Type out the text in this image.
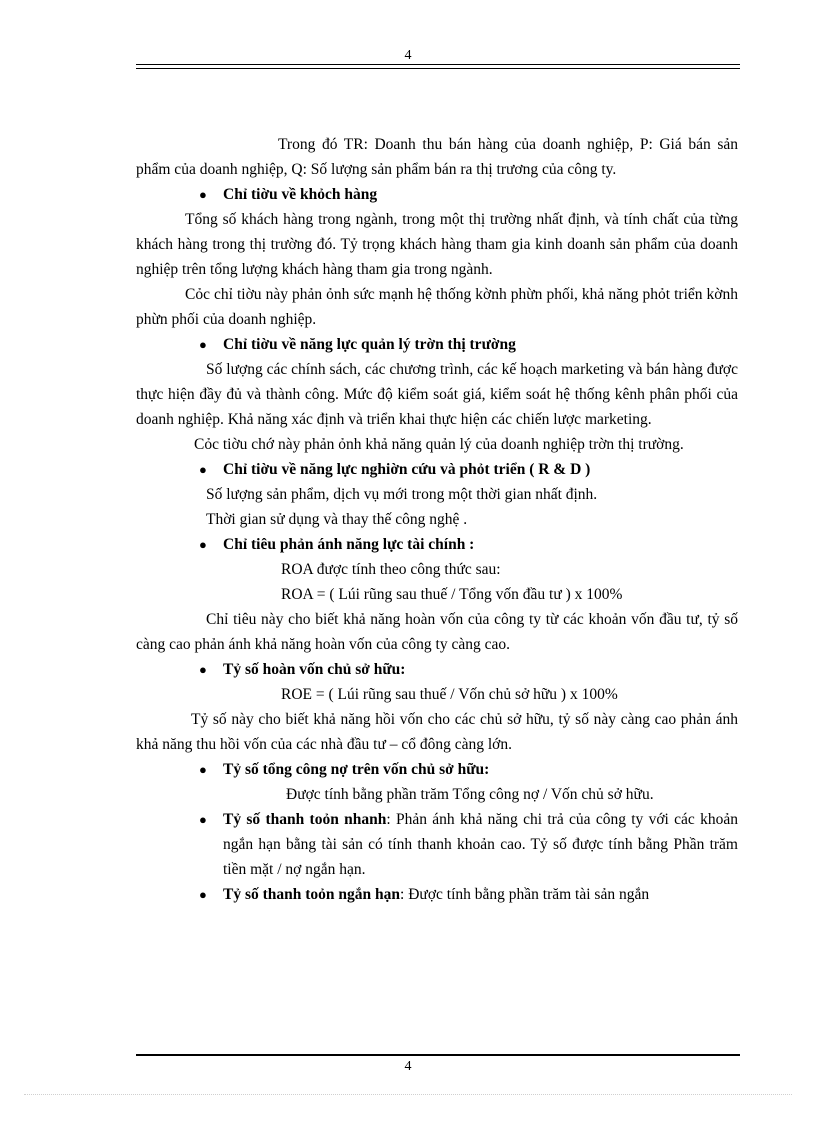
4

Trong đó TR: Doanh thu bán hàng của doanh nghiệp, P: Giá bán sản phẩm của doanh nghiệp, Q: Số lượng sản phẩm bán ra thị trương của công ty.

●	Chỉ tiờu về khỏch hàng

Tổng số khách hàng trong ngành, trong một thị trường nhất định, và tính chất của từng khách hàng trong thị trường đó. Tỷ trọng khách hàng tham gia kinh doanh sản phẩm của doanh nghiệp trên tổng lượng khách hàng tham gia trong ngành.

Cỏc chỉ tiờu này phản ỏnh sức mạnh hệ thống kờnh phừn phối, khả năng phỏt triển kờnh phừn phối của doanh nghiệp.

●	Chỉ tiờu về năng lực quản lý trờn thị trường

Số lượng các chính sách, các chương trình, các kế hoạch marketing và bán hàng được thực hiện đầy đủ và thành công. Mức độ kiểm soát giá, kiểm soát hệ thống kênh phân phối của doanh nghiệp. Khả năng xác định và triển khai thực hiện các chiến lược marketing.

Cỏc tiờu chớ này phản ỏnh khả năng quản lý của doanh nghiệp trờn thị trường.

●	Chỉ tiờu về năng lực nghiờn cứu và phỏt triển ( R & D )

Số lượng sản phẩm, dịch vụ mới trong một thời gian nhất định.

Thời gian sử dụng và thay thế công nghệ .

●	Chỉ tiêu phản ánh năng lực tài chính :

ROA được tính theo công thức sau:

ROA = ( Lúi rũng sau thuế / Tổng vốn đầu tư ) x 100%

Chỉ tiêu này cho biết khả năng hoàn vốn của công ty từ các khoản vốn đầu tư, tỷ số càng cao phản ánh khả năng hoàn vốn của công ty càng cao.

●	Tỷ số hoàn vốn chủ sở hữu:

ROE = ( Lúi rũng sau thuế / Vốn chủ sở hữu ) x 100%

Tỷ số này cho biết khả năng hồi vốn cho các chủ sở hữu, tỷ số này càng cao phản ánh khả năng thu hồi vốn của các nhà đầu tư – cổ đông càng lớn.

●	Tỷ số tổng công nợ trên vốn chủ sở hữu:

Được tính bằng phần trăm Tổng công nợ / Vốn chủ sở hữu.

●	Tỷ số thanh toỏn nhanh: Phản ánh khả năng chi trả của công ty với các khoản ngắn hạn bằng tài sản có tính thanh khoản cao. Tỷ số được tính bằng Phần trăm tiền mặt / nợ ngắn hạn.

●	Tỷ số thanh toỏn ngắn hạn: Được tính bằng phần trăm tài sản ngắn

4
